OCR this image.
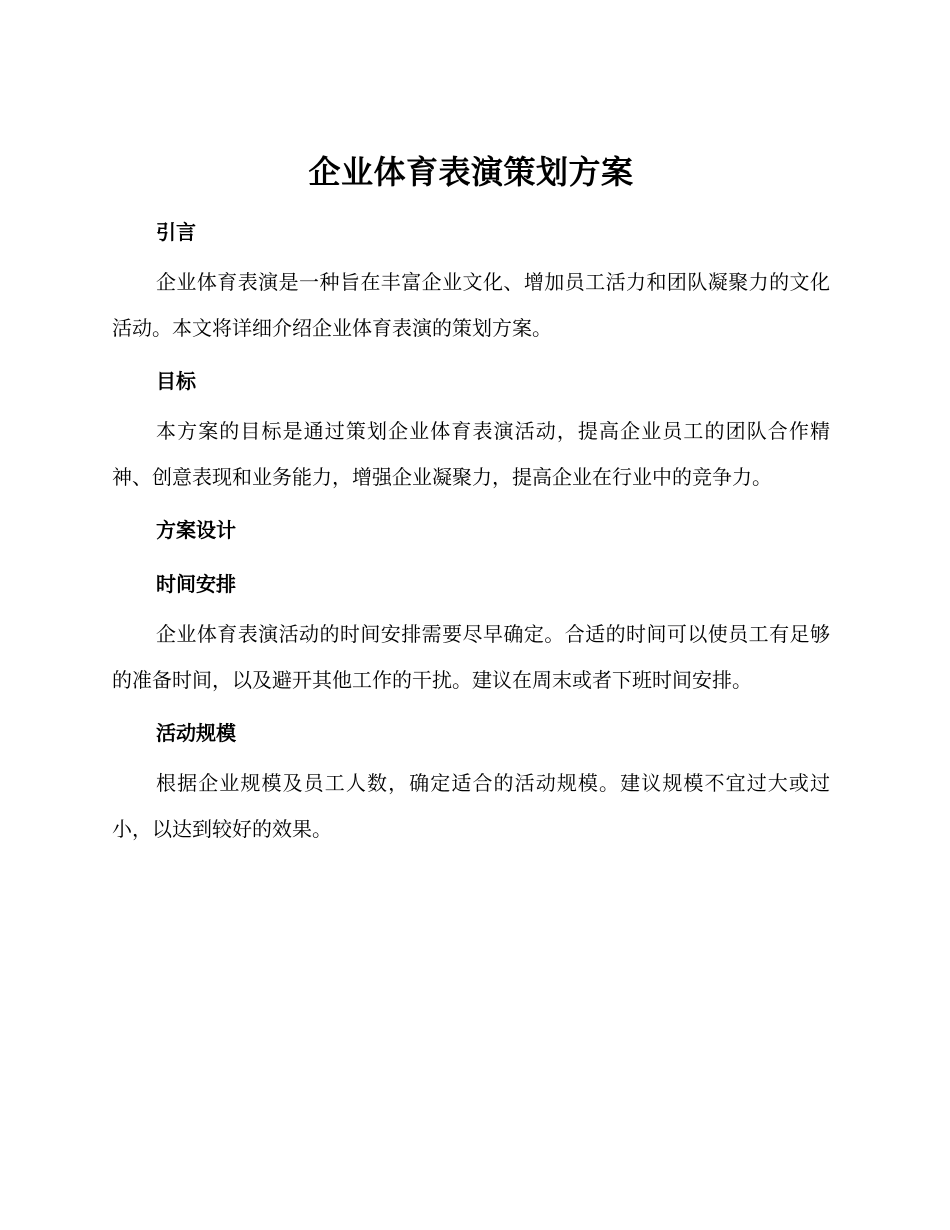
企业体育表演策划方案
引言

企业体育表演是一种旨在丰富企业文化、增加员工活力和团队凝聚力的文化活动。本文将详细介绍企业体育表演的策划方案。

目标

本方案的目标是通过策划企业体育表演活动，提高企业员工的团队合作精神、创意表现和业务能力，增强企业凝聚力，提高企业在行业中的竞争力。

方案设计
时间安排

企业体育表演活动的时间安排需要尽早确定。合适的时间可以使员工有足够的准备时间，以及避开其他工作的干扰。建议在周末或者下班时间安排。

活动规模

根据企业规模及员工人数，确定适合的活动规模。建议规模不宜过大或过小，以达到较好的效果。
